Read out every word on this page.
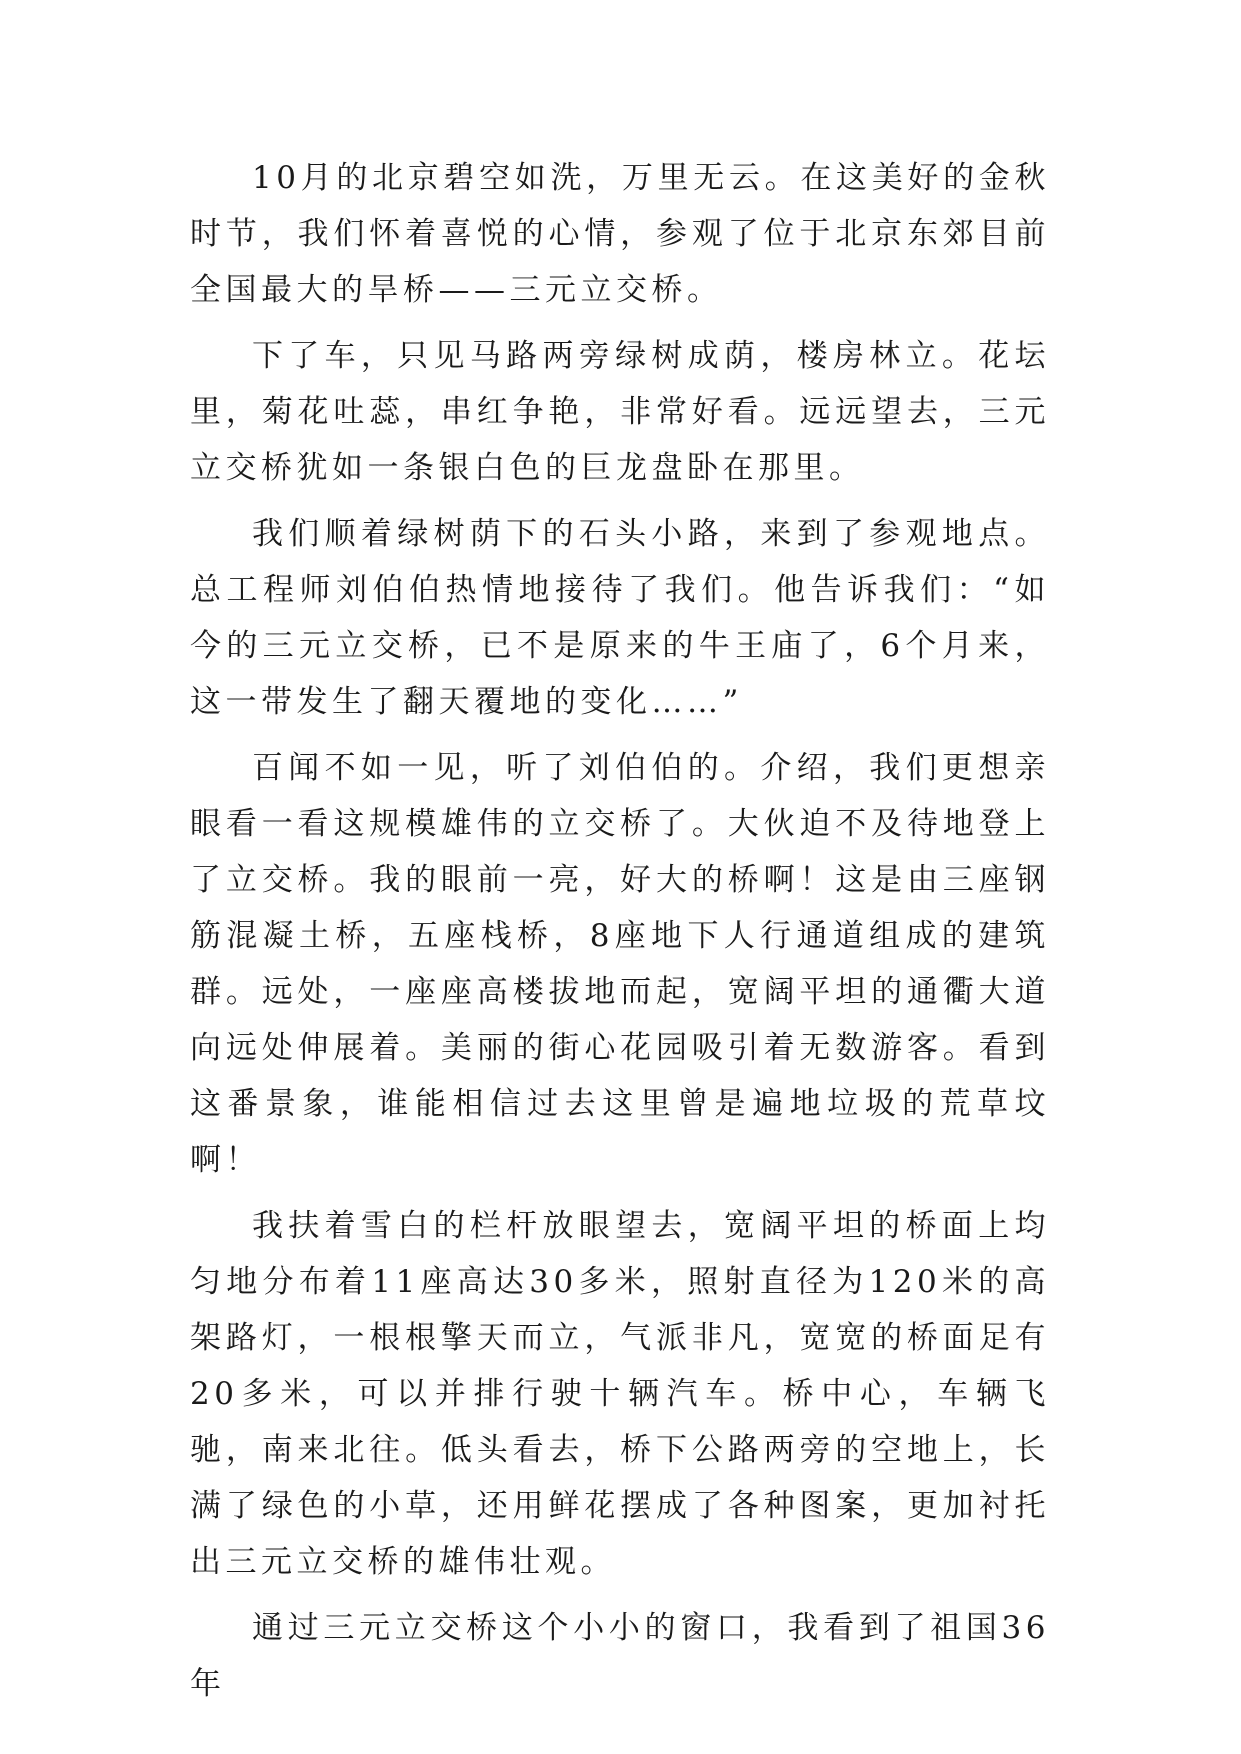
10月的北京碧空如洗，万里无云。在这美好的金秋时节，我们怀着喜悦的心情，参观了位于北京东郊目前全国最大的旱桥——三元立交桥。

下了车，只见马路两旁绿树成荫，楼房林立。花坛里，菊花吐蕊，串红争艳，非常好看。远远望去，三元立交桥犹如一条银白色的巨龙盘卧在那里。

我们顺着绿树荫下的石头小路，来到了参观地点。总工程师刘伯伯热情地接待了我们。他告诉我们：“如今的三元立交桥，已不是原来的牛王庙了，6个月来，这一带发生了翻天覆地的变化……”

百闻不如一见，听了刘伯伯的。介绍，我们更想亲眼看一看这规模雄伟的立交桥了。大伙迫不及待地登上了立交桥。我的眼前一亮，好大的桥啊！这是由三座钢筋混凝土桥，五座栈桥，8座地下人行通道组成的建筑群。远处，一座座高楼拔地而起，宽阔平坦的通衢大道向远处伸展着。美丽的街心花园吸引着无数游客。看到这番景象，谁能相信过去这里曾是遍地垃圾的荒草坟啊！

我扶着雪白的栏杆放眼望去，宽阔平坦的桥面上均匀地分布着11座高达30多米，照射直径为120米的高架路灯，一根根擎天而立，气派非凡，宽宽的桥面足有20多米，可以并排行驶十辆汽车。桥中心，车辆飞驰，南来北往。低头看去，桥下公路两旁的空地上，长满了绿色的小草，还用鲜花摆成了各种图案，更加衬托出三元立交桥的雄伟壮观。

通过三元立交桥这个小小的窗口，我看到了祖国36年
